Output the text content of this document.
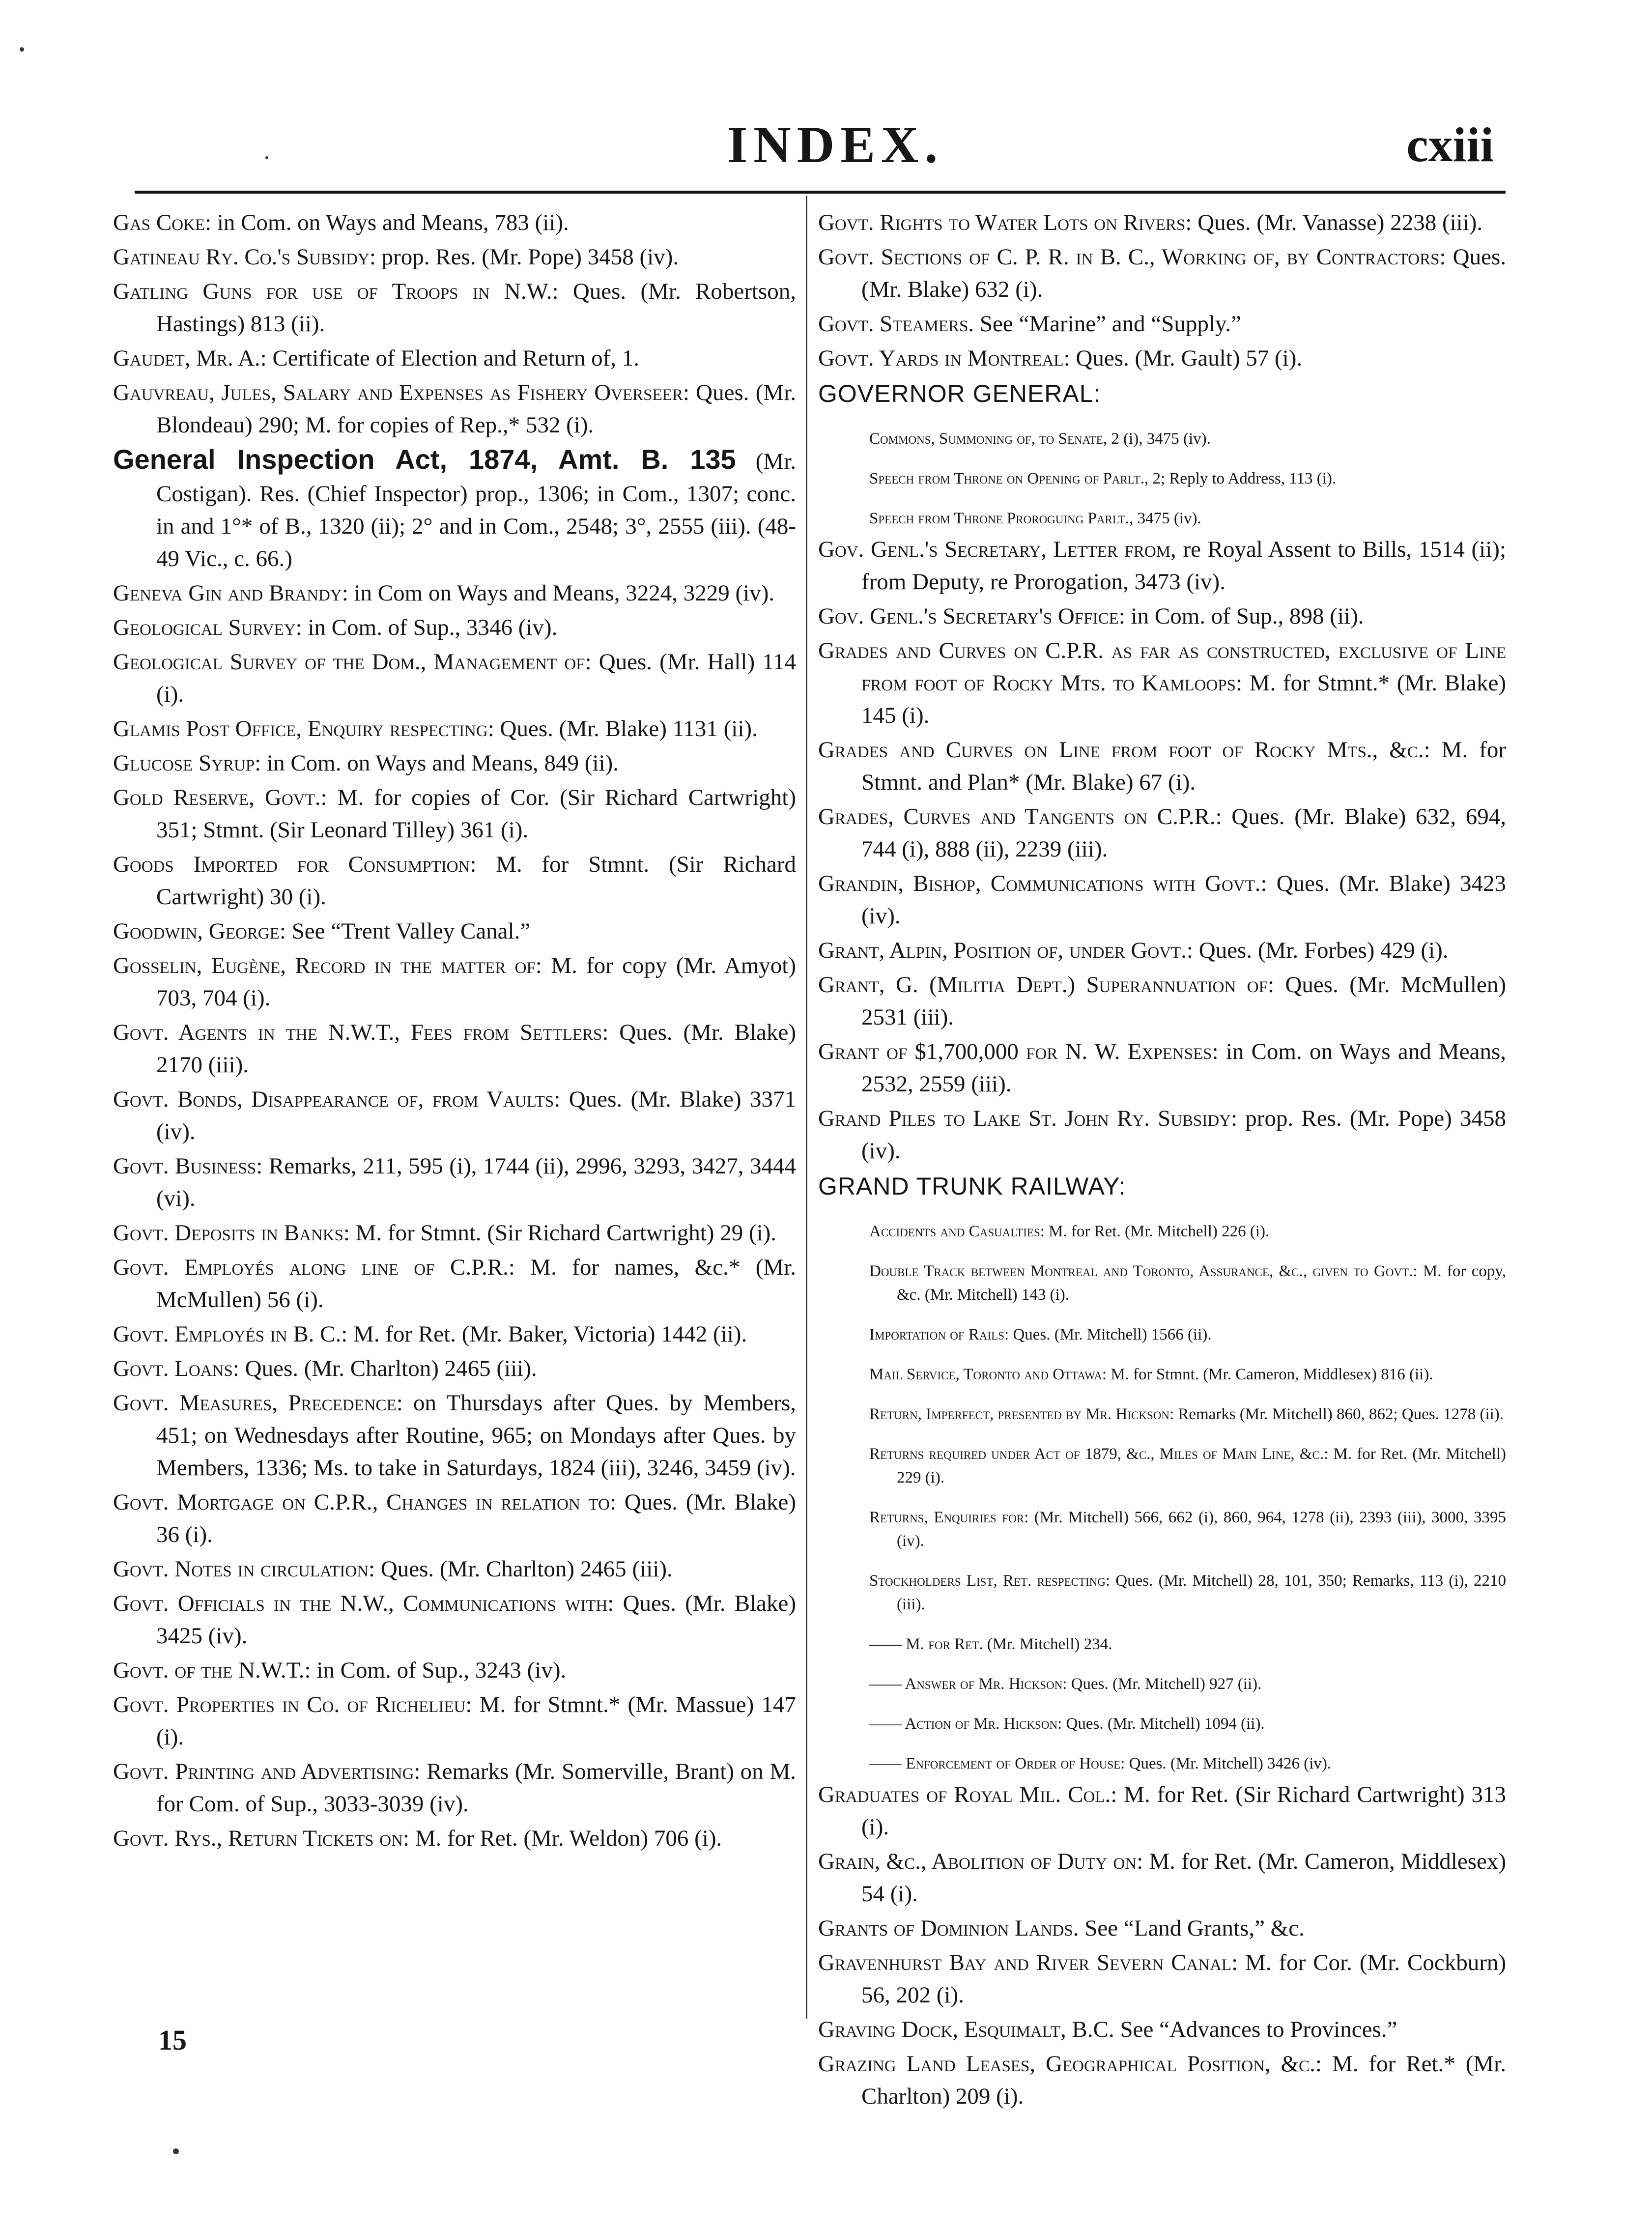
INDEX.	cxiii

Gas Coke: in Com. on Ways and Means, 783 (ii).

Gatineau Ry. Co.'s Subsidy: prop. Res. (Mr. Pope) 3458 (iv).

Gatling Guns for use of Troops in N.W.: Ques. (Mr. Robertson, Hastings) 813 (ii).

Gaudet, Mr. A.: Certificate of Election and Return of, 1.

Gauvreau, Jules, Salary and Expenses as Fishery Overseer: Ques. (Mr. Blondeau) 290; M. for copies of Rep.,* 532 (i).

General Inspection Act, 1874, Amt. B. 135 (Mr. Costigan). Res. (Chief Inspector) prop., 1306; in Com., 1307; conc. in and 1°* of B., 1320 (ii); 2° and in Com., 2548; 3°, 2555 (iii). (48-49 Vic., c. 66.)

Geneva Gin and Brandy: in Com on Ways and Means, 3224, 3229 (iv).

Geological Survey: in Com. of Sup., 3346 (iv).

Geological Survey of the Dom., Management of: Ques. (Mr. Hall) 114 (i).

Glamis Post Office, Enquiry respecting: Ques. (Mr. Blake) 1131 (ii).

Glucose Syrup: in Com. on Ways and Means, 849 (ii).

Gold Reserve, Govt.: M. for copies of Cor. (Sir Richard Cartwright) 351; Stmnt. (Sir Leonard Tilley) 361 (i).

Goods Imported for Consumption: M. for Stmnt. (Sir Richard Cartwright) 30 (i).

Goodwin, George: See “Trent Valley Canal.”

Gosselin, Eugène, Record in the matter of: M. for copy (Mr. Amyot) 703, 704 (i).

Govt. Agents in the N.W.T., Fees from Settlers: Ques. (Mr. Blake) 2170 (iii).

Govt. Bonds, Disappearance of, from Vaults: Ques. (Mr. Blake) 3371 (iv).

Govt. Business: Remarks, 211, 595 (i), 1744 (ii), 2996, 3293, 3427, 3444 (vi).

Govt. Deposits in Banks: M. for Stmnt. (Sir Richard Cartwright) 29 (i).

Govt. Employés along line of C.P.R.: M. for names, &c.* (Mr. McMullen) 56 (i).

Govt. Employés in B. C.: M. for Ret. (Mr. Baker, Victoria) 1442 (ii).

Govt. Loans: Ques. (Mr. Charlton) 2465 (iii).

Govt. Measures, Precedence: on Thursdays after Ques. by Members, 451; on Wednesdays after Routine, 965; on Mondays after Ques. by Members, 1336; Ms. to take in Saturdays, 1824 (iii), 3246, 3459 (iv).

Govt. Mortgage on C.P.R., Changes in relation to: Ques. (Mr. Blake) 36 (i).

Govt. Notes in circulation: Ques. (Mr. Charlton) 2465 (iii).

Govt. Officials in the N.W., Communications with: Ques. (Mr. Blake) 3425 (iv).

Govt. of the N.W.T.: in Com. of Sup., 3243 (iv).

Govt. Properties in Co. of Richelieu: M. for Stmnt.* (Mr. Massue) 147 (i).

Govt. Printing and Advertising: Remarks (Mr. Somerville, Brant) on M. for Com. of Sup., 3033-3039 (iv).

Govt. Rys., Return Tickets on: M. for Ret. (Mr. Weldon) 706 (i).

Govt. Rights to Water Lots on Rivers: Ques. (Mr. Vanasse) 2238 (iii).

Govt. Sections of C. P. R. in B. C., Working of, by Contractors: Ques. (Mr. Blake) 632 (i).

Govt. Steamers. See “Marine” and “Supply.”

Govt. Yards in Montreal: Ques. (Mr. Gault) 57 (i).

GOVERNOR GENERAL:

Commons, Summoning of, to Senate, 2 (i), 3475 (iv).

Speech from Throne on Opening of Parlt., 2; Reply to Address, 113 (i).

Speech from Throne Proroguing Parlt., 3475 (iv).

Gov. Genl.'s Secretary, Letter from, re Royal Assent to Bills, 1514 (ii); from Deputy, re Prorogation, 3473 (iv).

Gov. Genl.'s Secretary's Office: in Com. of Sup., 898 (ii).

Grades and Curves on C.P.R. as far as constructed, exclusive of Line from foot of Rocky Mts. to Kamloops: M. for Stmnt.* (Mr. Blake) 145 (i).

Grades and Curves on Line from foot of Rocky Mts., &c.: M. for Stmnt. and Plan* (Mr. Blake) 67 (i).

Grades, Curves and Tangents on C.P.R.: Ques. (Mr. Blake) 632, 694, 744 (i), 888 (ii), 2239 (iii).

Grandin, Bishop, Communications with Govt.: Ques. (Mr. Blake) 3423 (iv).

Grant, Alpin, Position of, under Govt.: Ques. (Mr. Forbes) 429 (i).

Grant, G. (Militia Dept.) Superannuation of: Ques. (Mr. McMullen) 2531 (iii).

Grant of $1,700,000 for N. W. Expenses: in Com. on Ways and Means, 2532, 2559 (iii).

Grand Piles to Lake St. John Ry. Subsidy: prop. Res. (Mr. Pope) 3458 (iv).

GRAND TRUNK RAILWAY:

Accidents and Casualties: M. for Ret. (Mr. Mitchell) 226 (i).

Double Track between Montreal and Toronto, Assurance, &c., given to Govt.: M. for copy, &c. (Mr. Mitchell) 143 (i).

Importation of Rails: Ques. (Mr. Mitchell) 1566 (ii).

Mail Service, Toronto and Ottawa: M. for Stmnt. (Mr. Cameron, Middlesex) 816 (ii).

Return, Imperfect, presented by Mr. Hickson: Remarks (Mr. Mitchell) 860, 862; Ques. 1278 (ii).

Returns required under Act of 1879, &c., Miles of Main Line, &c.: M. for Ret. (Mr. Mitchell) 229 (i).

Returns, Enquiries for: (Mr. Mitchell) 566, 662 (i), 860, 964, 1278 (ii), 2393 (iii), 3000, 3395 (iv).

Stockholders List, Ret. respecting: Ques. (Mr. Mitchell) 28, 101, 350; Remarks, 113 (i), 2210 (iii).

—— M. for Ret. (Mr. Mitchell) 234.

—— Answer of Mr. Hickson: Ques. (Mr. Mitchell) 927 (ii).

—— Action of Mr. Hickson: Ques. (Mr. Mitchell) 1094 (ii).

—— Enforcement of Order of House: Ques. (Mr. Mitchell) 3426 (iv).

Graduates of Royal Mil. Col.: M. for Ret. (Sir Richard Cartwright) 313 (i).

Grain, &c., Abolition of Duty on: M. for Ret. (Mr. Cameron, Middlesex) 54 (i).

Grants of Dominion Lands. See “Land Grants,” &c.

Gravenhurst Bay and River Severn Canal: M. for Cor. (Mr. Cockburn) 56, 202 (i).

Graving Dock, Esquimalt, B.C. See “Advances to Provinces.”

Grazing Land Leases, Geographical Position, &c.: M. for Ret.* (Mr. Charlton) 209 (i).

15
